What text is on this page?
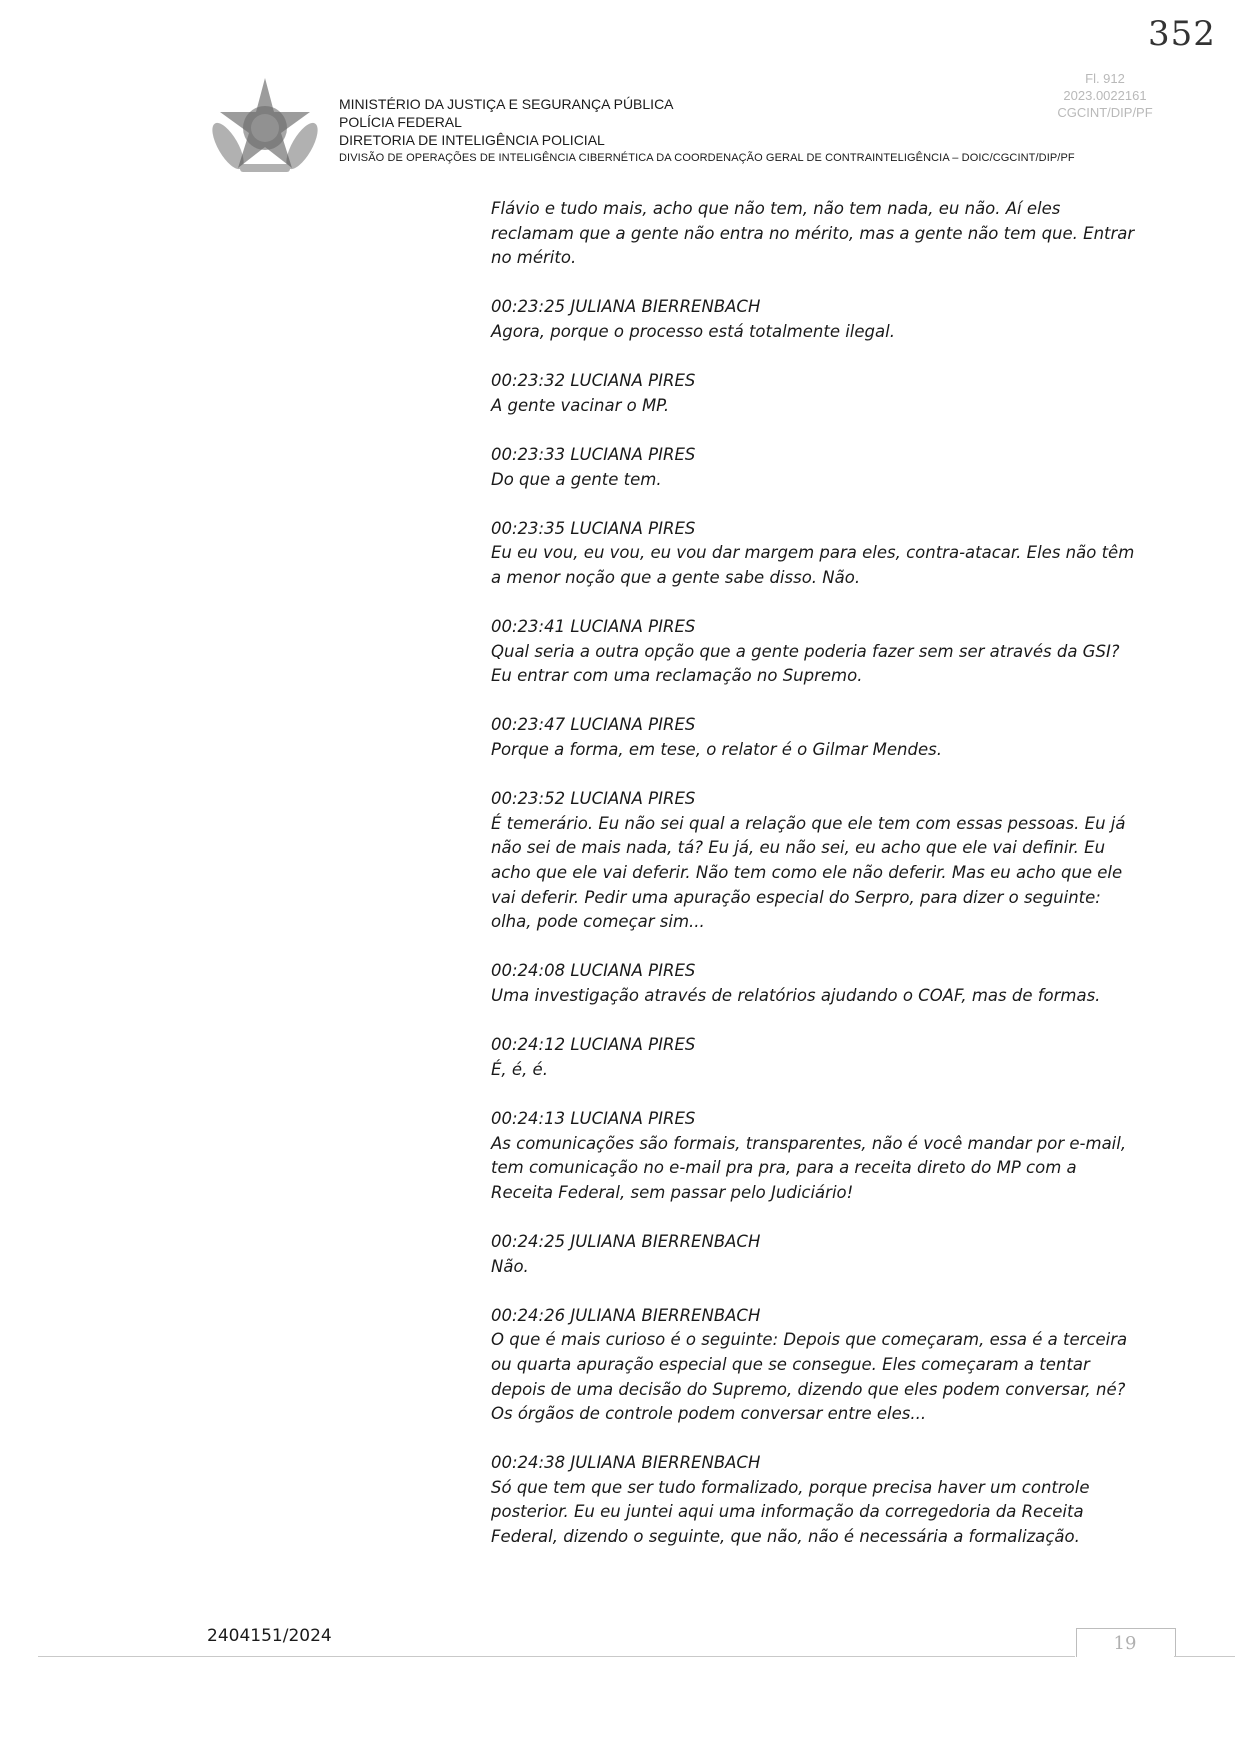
352
Fl. 912
2023.0022161
CGCINT/DIP/PF
MINISTÉRIO DA JUSTIÇA E SEGURANÇA PÚBLICA
POLÍCIA FEDERAL
DIRETORIA DE INTELIGÊNCIA POLICIAL
DIVISÃO DE OPERAÇÕES DE INTELIGÊNCIA CIBERNÉTICA DA COORDENAÇÃO GERAL DE CONTRAINTELIGÊNCIA – DOIC/CGCINT/DIP/PF
Flávio e tudo mais, acho que não tem, não tem nada, eu não. Aí eles reclamam que a gente não entra no mérito, mas a gente não tem que. Entrar no mérito.
00:23:25 JULIANA BIERRENBACH
Agora, porque o processo está totalmente ilegal.
00:23:32 LUCIANA PIRES
A gente vacinar o MP.
00:23:33 LUCIANA PIRES
Do que a gente tem.
00:23:35 LUCIANA PIRES
Eu eu vou, eu vou, eu vou dar margem para eles, contra-atacar. Eles não têm a menor noção que a gente sabe disso. Não.
00:23:41 LUCIANA PIRES
Qual seria a outra opção que a gente poderia fazer sem ser através da GSI? Eu entrar com uma reclamação no Supremo.
00:23:47 LUCIANA PIRES
Porque a forma, em tese, o relator é o Gilmar Mendes.
00:23:52 LUCIANA PIRES
É temerário. Eu não sei qual a relação que ele tem com essas pessoas. Eu já não sei de mais nada, tá? Eu já, eu não sei, eu acho que ele vai definir. Eu acho que ele vai deferir. Não tem como ele não deferir. Mas eu acho que ele vai deferir. Pedir uma apuração especial do Serpro, para dizer o seguinte: olha, pode começar sim...
00:24:08 LUCIANA PIRES
Uma investigação através de relatórios ajudando o COAF, mas de formas.
00:24:12 LUCIANA PIRES
É, é, é.
00:24:13 LUCIANA PIRES
As comunicações são formais, transparentes, não é você mandar por e-mail, tem comunicação no e-mail pra pra, para a receita direto do MP com a Receita Federal, sem passar pelo Judiciário!
00:24:25 JULIANA BIERRENBACH
Não.
00:24:26 JULIANA BIERRENBACH
O que é mais curioso é o seguinte: Depois que começaram, essa é a terceira ou quarta apuração especial que se consegue. Eles começaram a tentar depois de uma decisão do Supremo, dizendo que eles podem conversar, né? Os órgãos de controle podem conversar entre eles...
00:24:38 JULIANA BIERRENBACH
Só que tem que ser tudo formalizado, porque precisa haver um controle posterior. Eu eu juntei aqui uma informação da corregedoria da Receita Federal, dizendo o seguinte, que não, não é necessária a formalização.
2404151/2024	19
